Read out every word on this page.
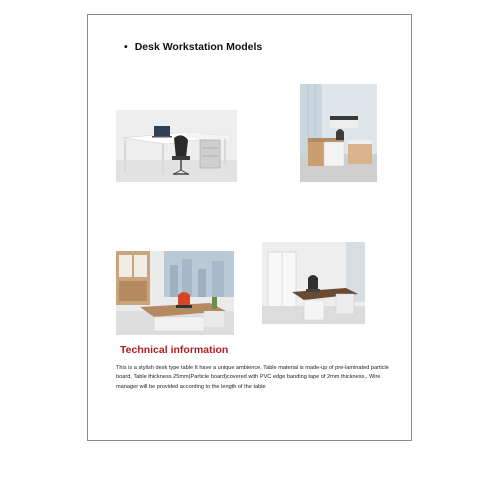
• Desk Workstation Models
Technical information
This is a stylish desk type table It have a unique ambience, Table material is made-up of pre-laminated particle board, Table thickness 25mm(Particle board)covered with PVC edge banding tape of 2mm thickness,. Wire manager will be provided according to the length of the table
